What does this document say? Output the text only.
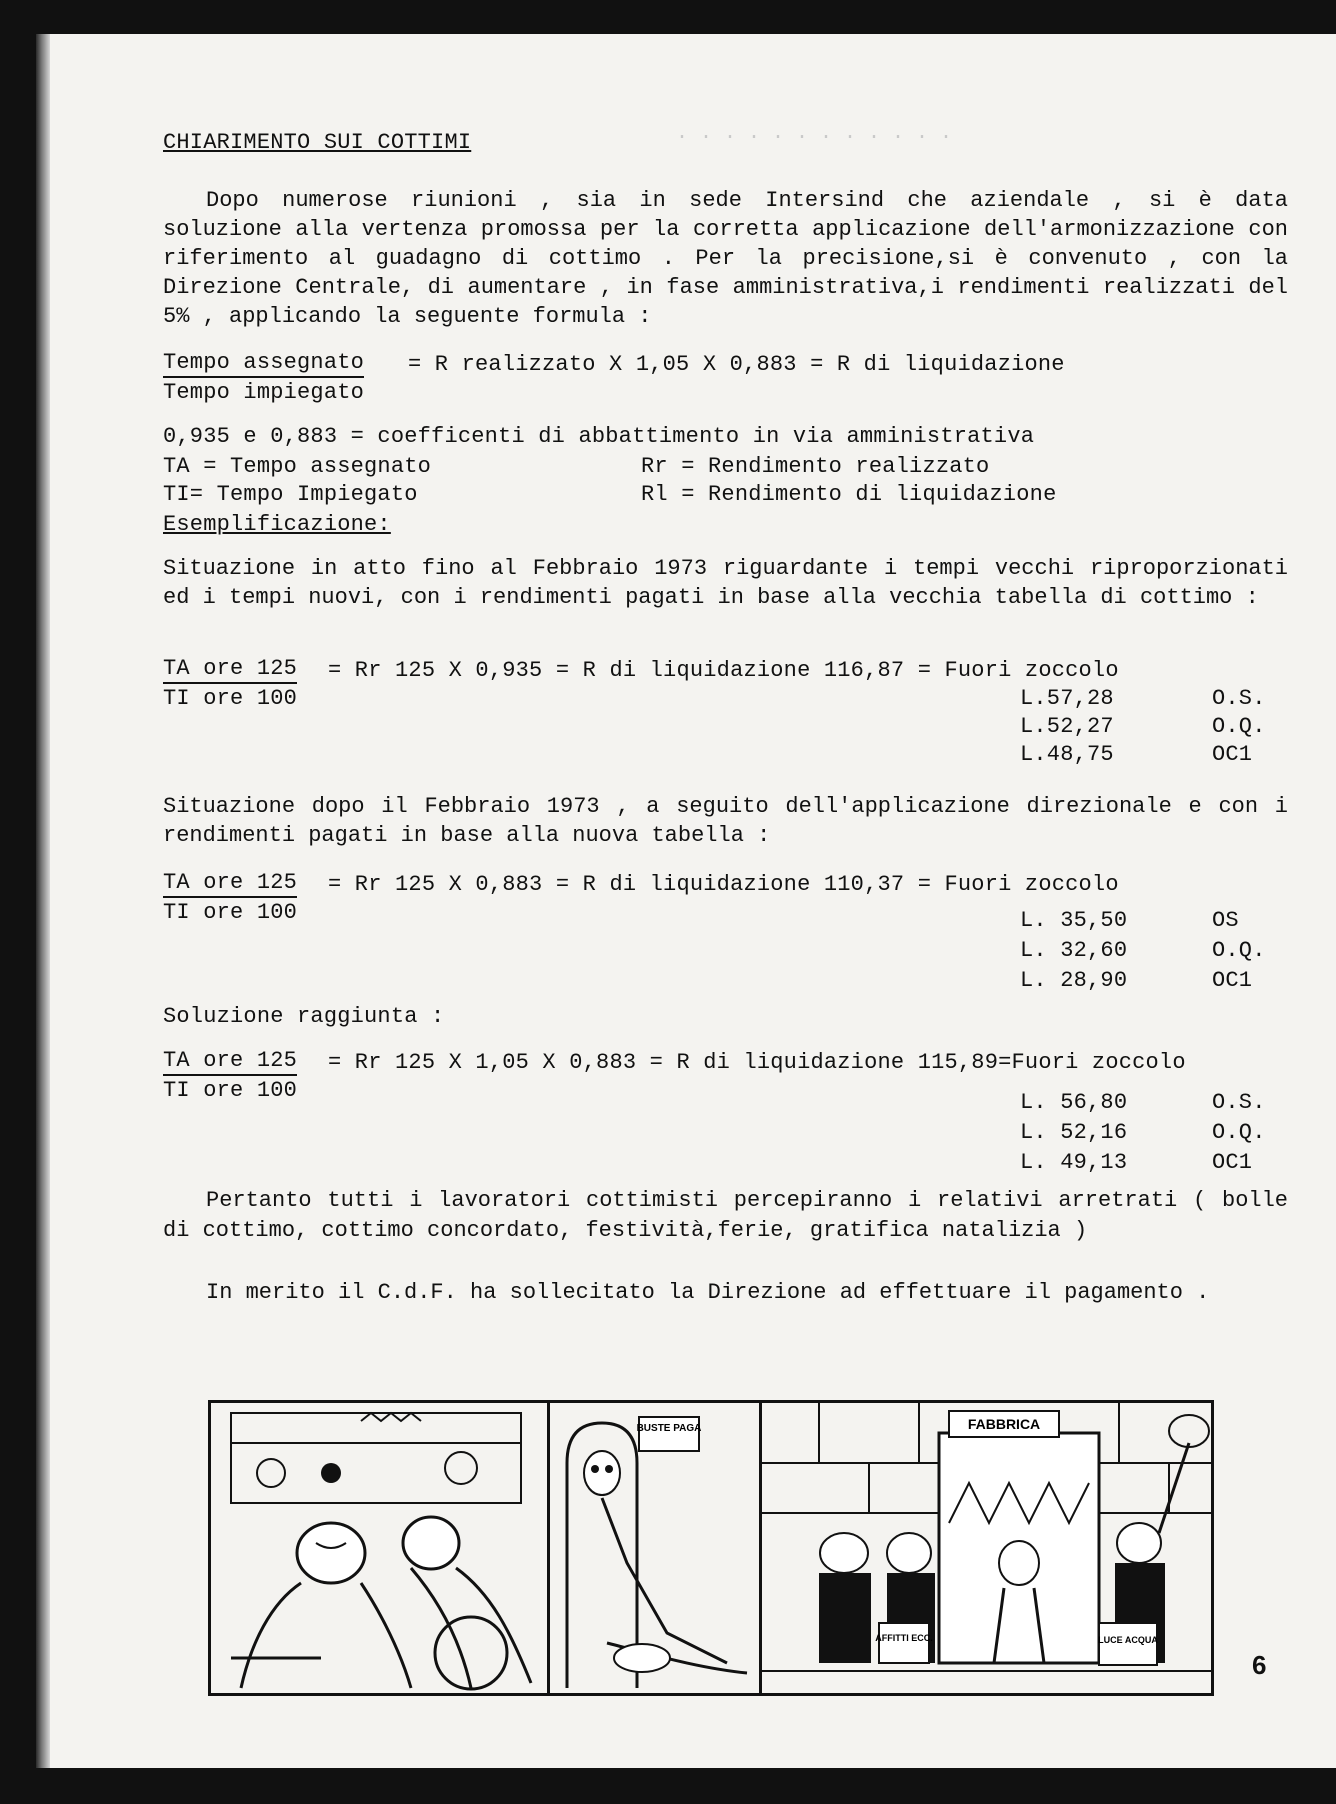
· · · · · · · · · · · ·
CHIARIMENTO SUI COTTIMI
Dopo numerose riunioni , sia in sede Intersind che aziendale , si è data soluzione alla vertenza promossa per la corretta applicazione dell'armonizzazione con riferimento al guadagno di cottimo . Per la precisione,si è convenuto , con la Direzione Centrale, di aumentare , in fase amministrativa,i rendimenti realizzati del 5% , applicando la seguente formula :
Tempo assegnato = R realizzato X 1,05 X 0,883 = R di liquidazione
Tempo impiegato
0,935 e 0,883 = coefficenti di abbattimento in via amministrativa
TA = Tempo assegnato	Rr = Rendimento realizzato
TI= Tempo Impiegato	Rl = Rendimento di liquidazione
Esemplificazione:
Situazione in atto fino al Febbraio 1973 riguardante i tempi vecchi riproporzionati ed i tempi nuovi, con i rendimenti pagati in base alla vecchia tabella di cottimo :
TA ore 125 = Rr 125 X 0,935 = R di liquidazione 116,87 = Fuori zoccolo
TI ore 100	L.57,28	O.S.
L.52,27	O.Q.
L.48,75	OC1
Situazione dopo il Febbraio 1973 , a seguito dell'applicazione direzionale e con i rendimenti pagati in base alla nuova tabella :
TA ore 125 = Rr 125 X 0,883 = R di liquidazione 110,37 = Fuori zoccolo
TI ore 100	L. 35,50	OS
L. 32,60	O.Q.
L. 28,90	OC1
Soluzione raggiunta :
TA ore 125 = Rr 125 X 1,05 X 0,883 = R di liquidazione 115,89=Fuori zoccolo
TI ore 100	L. 56,80	O.S.
L. 52,16	O.Q.
L. 49,13	OC1
Pertanto tutti i lavoratori cottimisti percepiranno i relativi arretrati ( bolle di cottimo, cottimo concordato, festività,ferie, gratifica natalizia )
In merito il C.d.F. ha sollecitato la Direzione ad effettuare il pagamento .
BUSTE PAGA	FABBRICA
AFFITTI ECC.	LUCE ACQUA
6
